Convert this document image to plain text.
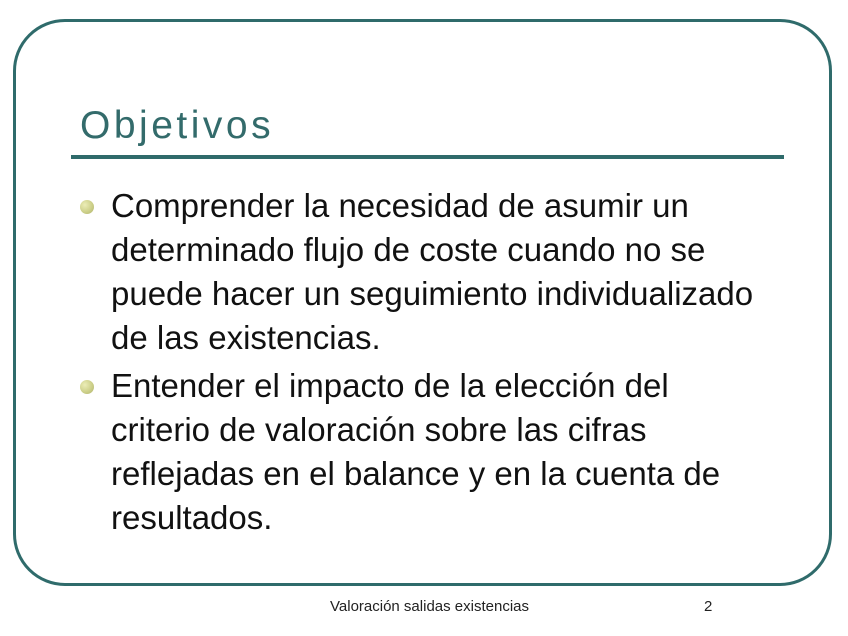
Objetivos
Comprender la necesidad de asumir un determinado flujo de coste cuando no se puede hacer un seguimiento individualizado de las existencias.
Entender el impacto de la elección del criterio de valoración sobre las cifras reflejadas en el balance y en la cuenta de resultados.
Valoración salidas existencias	2
